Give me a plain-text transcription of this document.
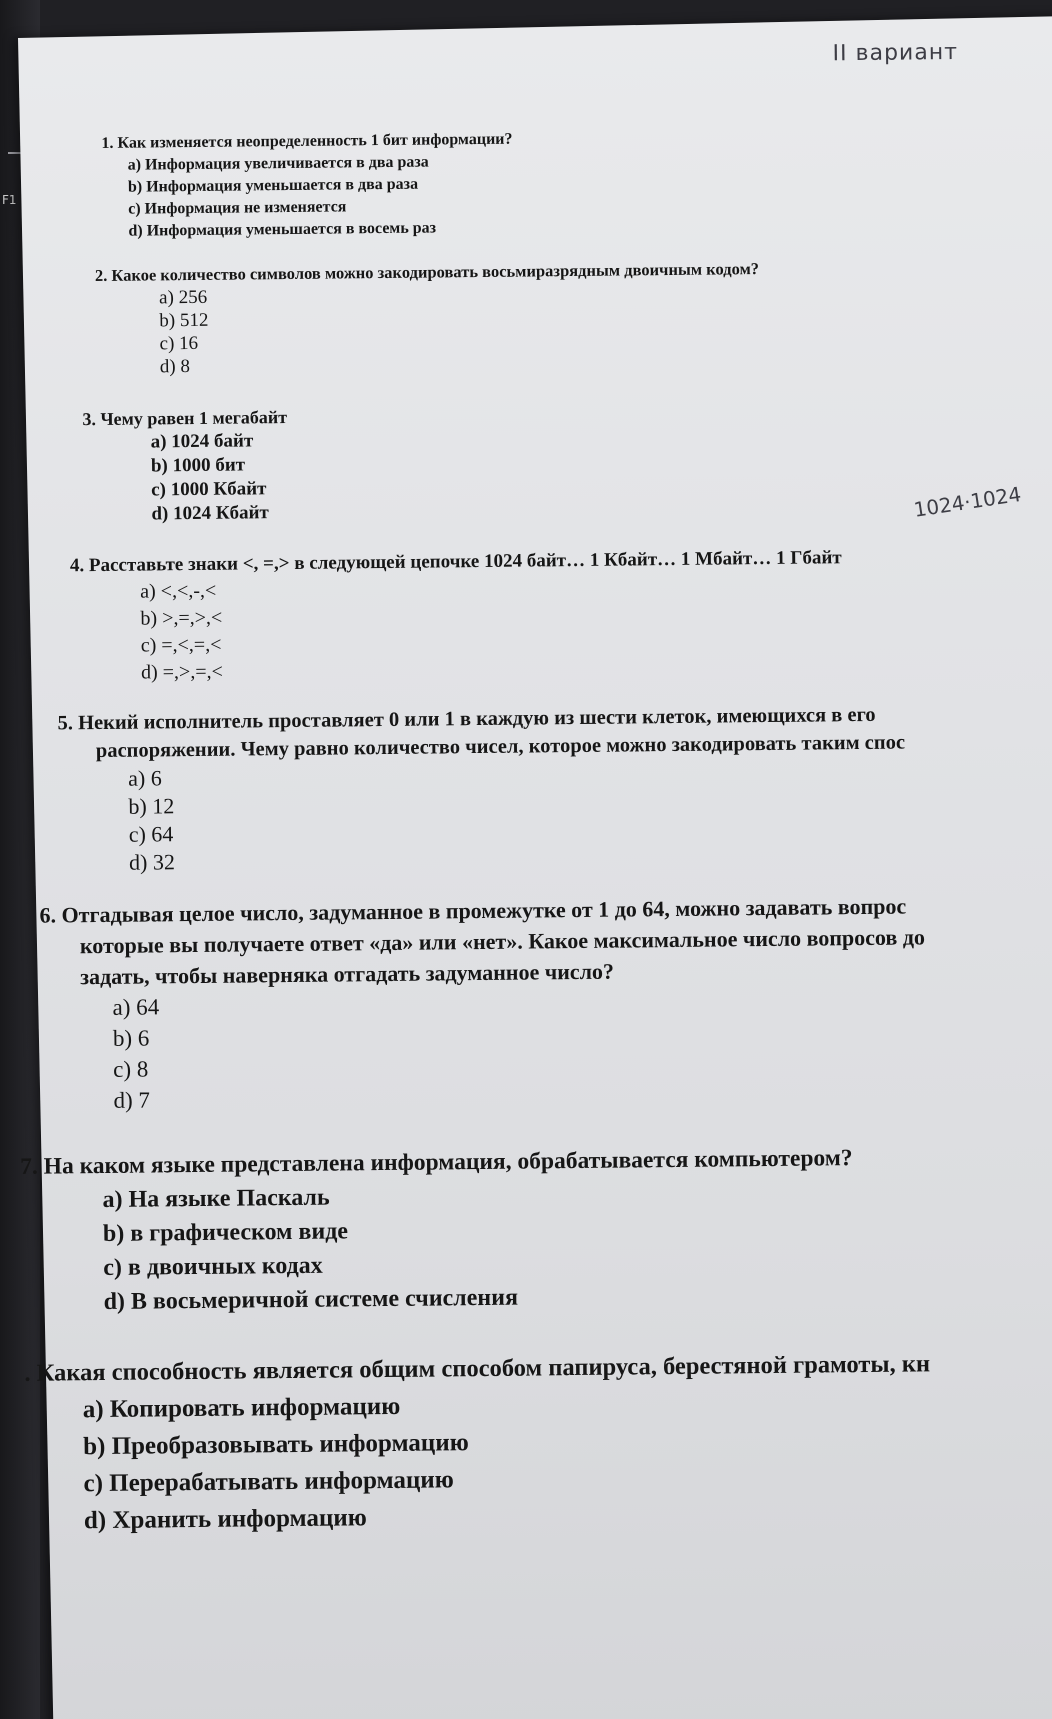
F1
II вариант
1024·1024
1. Как изменяется неопределенность 1 бит информации?
a) Информация увеличивается в два раза
b) Информация уменьшается в два раза
c) Информация не изменяется
d) Информация уменьшается в восемь раз
2. Какое количество символов можно закодировать восьмиразрядным двоичным кодом?
a) 256
b) 512
c) 16
d) 8
3. Чему равен 1 мегабайт
a) 1024 байт
b) 1000 бит
c) 1000 Кбайт
d) 1024 Кбайт
4. Расставьте знаки <, =,> в следующей цепочке 1024 байт… 1 Кбайт… 1 Мбайт… 1 Гбайт
a) <,<,-,<
b) >,=,>,<
c) =,<,=,<
d) =,>,=,<
5. Некий исполнитель проставляет 0 или 1 в каждую из шести клеток, имеющихся в его
распоряжении. Чему равно количество чисел, которое можно закодировать таким спос
a) 6
b) 12
c) 64
d) 32
6. Отгадывая целое число, задуманное в промежутке от 1 до 64, можно задавать вопрос
которые вы получаете ответ «да» или «нет». Какое максимальное число вопросов до
задать, чтобы наверняка отгадать задуманное число?
a) 64
b) 6
c) 8
d) 7
7. На каком языке представлена информация, обрабатывается компьютером?
a) На языке Паскаль
b) в графическом виде
c) в двоичных кодах
d) В восьмеричной системе счисления
. Какая способность является общим способом папируса, берестяной грамоты, кн
a) Копировать информацию
b) Преобразовывать информацию
c) Перерабатывать информацию
d) Хранить информацию
